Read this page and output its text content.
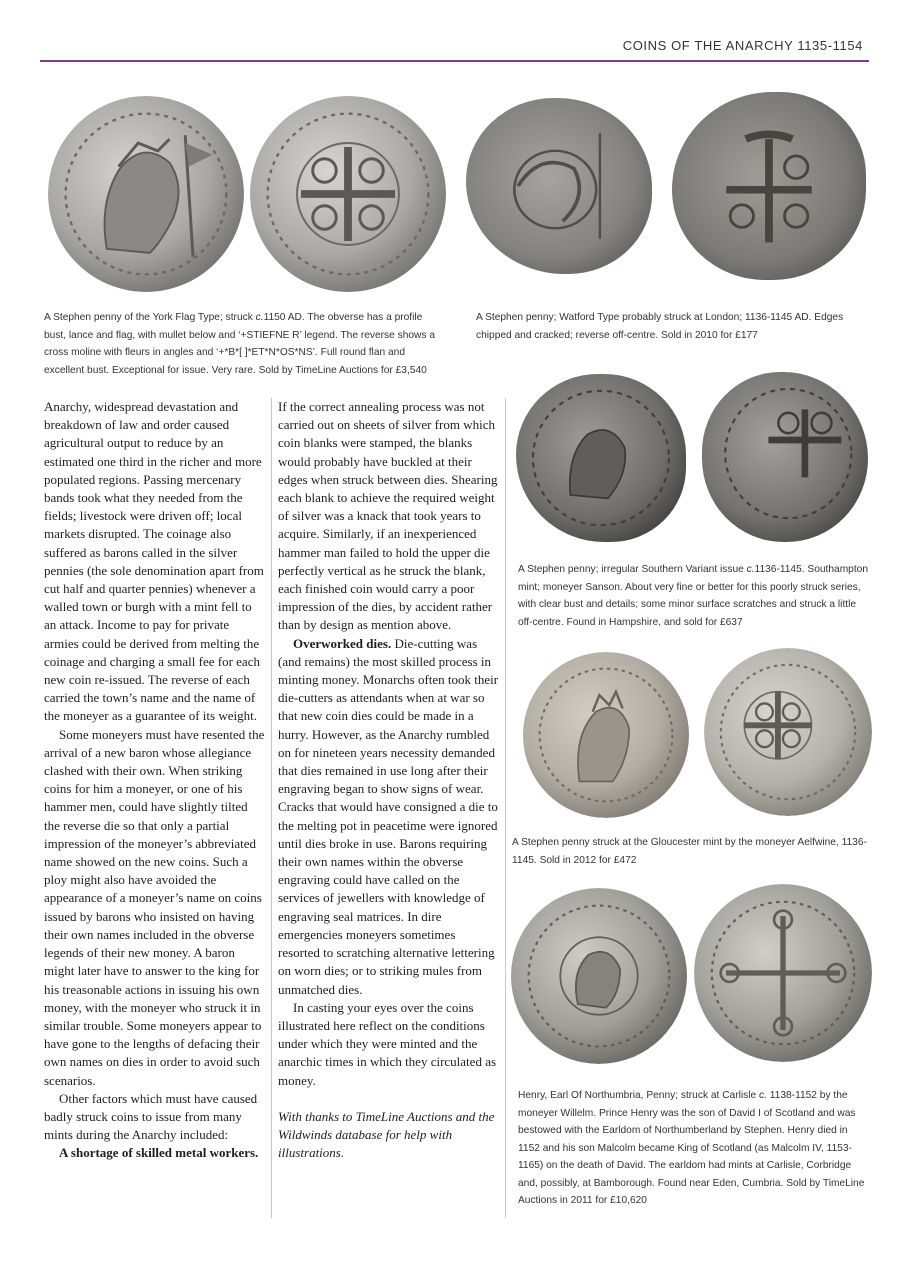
COINS OF THE ANARCHY 1135-1154
A Stephen penny of the York Flag Type; struck c.1150 AD. The obverse has a profile bust, lance and flag, with mullet below and ‘+STIEFNE R’ legend. The reverse shows a cross moline with fleurs in angles and ‘+*B*[ ]*ET*N*OS*NS’. Full round flan and excellent bust. Exceptional for issue. Very rare. Sold by TimeLine Auctions for £3,540
A Stephen penny; Watford Type probably struck at London; 1136-1145 AD. Edges chipped and cracked; reverse off-centre. Sold in 2010 for £177
A Stephen penny; irregular Southern Variant issue c.1136-1145. Southampton mint; moneyer Sanson. About very fine or better for this poorly struck series, with clear bust and details; some minor surface scratches and struck a little off-centre. Found in Hampshire, and sold for £637
A Stephen penny struck at the Gloucester mint by the moneyer Aelfwine, 1136-1145. Sold in 2012 for £472
Henry, Earl Of Northumbria, Penny; struck at Carlisle c. 1138-1152 by the moneyer Willelm. Prince Henry was the son of David I of Scotland and was bestowed with the Earldom of Northumberland by Stephen. Henry died in 1152 and his son Malcolm became King of Scotland (as Malcolm IV, 1153-1165) on the death of David. The earldom had mints at Carlisle, Corbridge and, possibly, at Bamborough. Found near Eden, Cumbria. Sold by TimeLine Auctions in 2011 for £10,620

Anarchy, widespread devastation and breakdown of law and order caused agricultural output to reduce by an estimated one third in the richer and more populated regions. Passing mercenary bands took what they needed from the fields; livestock were driven off; local markets disrupted. The coinage also suffered as barons called in the silver pennies (the sole denomination apart from cut half and quarter pennies) whenever a walled town or burgh with a mint fell to an attack. Income to pay for private armies could be derived from melting the coinage and charging a small fee for each new coin re-issued. The reverse of each carried the town’s name and the name of the moneyer as a guarantee of its weight.

Some moneyers must have resented the arrival of a new baron whose allegiance clashed with their own. When striking coins for him a moneyer, or one of his hammer men, could have slightly tilted the reverse die so that only a partial impression of the moneyer’s abbreviated name showed on the new coins. Such a ploy might also have avoided the appearance of a moneyer’s name on coins issued by barons who insisted on having their own names included in the obverse legends of their new money. A baron might later have to answer to the king for his treasonable actions in issuing his own money, with the moneyer who struck it in similar trouble. Some moneyers appear to have gone to the lengths of defacing their own names on dies in order to avoid such scenarios.

Other factors which must have caused badly struck coins to issue from many mints during the Anarchy included:

A shortage of skilled metal workers.

If the correct annealing process was not carried out on sheets of silver from which coin blanks were stamped, the blanks would probably have buckled at their edges when struck between dies. Shearing each blank to achieve the required weight of silver was a knack that took years to acquire. Similarly, if an inexperienced hammer man failed to hold the upper die perfectly vertical as he struck the blank, each finished coin would carry a poor impression of the dies, by accident rather than by design as mention above.

Overworked dies. Die-cutting was (and remains) the most skilled process in minting money. Monarchs often took their die-cutters as attendants when at war so that new coin dies could be made in a hurry. However, as the Anarchy rumbled on for nineteen years necessity demanded that dies remained in use long after their engraving began to show signs of wear. Cracks that would have consigned a die to the melting pot in peacetime were ignored until dies broke in use. Barons requiring their own names within the obverse engraving could have called on the services of jewellers with knowledge of engraving seal matrices. In dire emergencies moneyers sometimes resorted to scratching alternative lettering on worn dies; or to striking mules from unmatched dies.

In casting your eyes over the coins illustrated here reflect on the conditions under which they were minted and the anarchic times in which they circulated as money.

With thanks to TimeLine Auctions and the Wildwinds database for help with illustrations.
